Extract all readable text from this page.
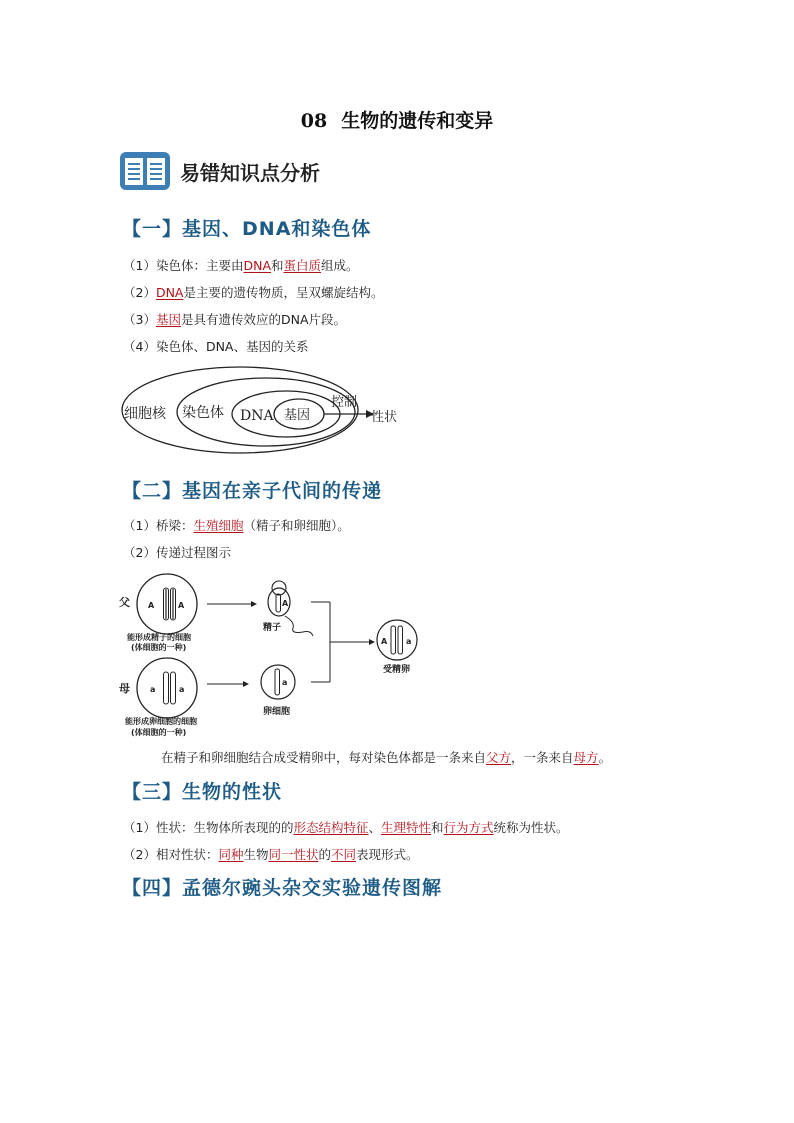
08 生物的遗传和变异
易错知识点分析
【一】基因、DNA和染色体
（1）染色体：主要由DNA和蛋白质组成。
（2）DNA是主要的遗传物质，呈双螺旋结构。
（3）基因是具有遗传效应的DNA片段。
（4）染色体、DNA、基因的关系
细胞核 染色体 DNA 基因
控制
性状
【二】基因在亲子代间的传递
（1）桥梁：生殖细胞（精子和卵细胞）。
（2）传递过程图示
父 A	A
能形成精子的细胞
(体细胞的一种)
A
精子
母	a	a
能形成卵细胞的细胞
(体细胞的一种)
a
卵细胞
A a
受精卵
在精子和卵细胞结合成受精卵中，每对染色体都是一条来自父方，一条来自母方。
【三】生物的性状
（1）性状：生物体所表现的的形态结构特征、生理特性和行为方式统称为性状。
（2）相对性状：同种生物同一性状的不同表现形式。
【四】孟德尔豌头杂交实验遗传图解
